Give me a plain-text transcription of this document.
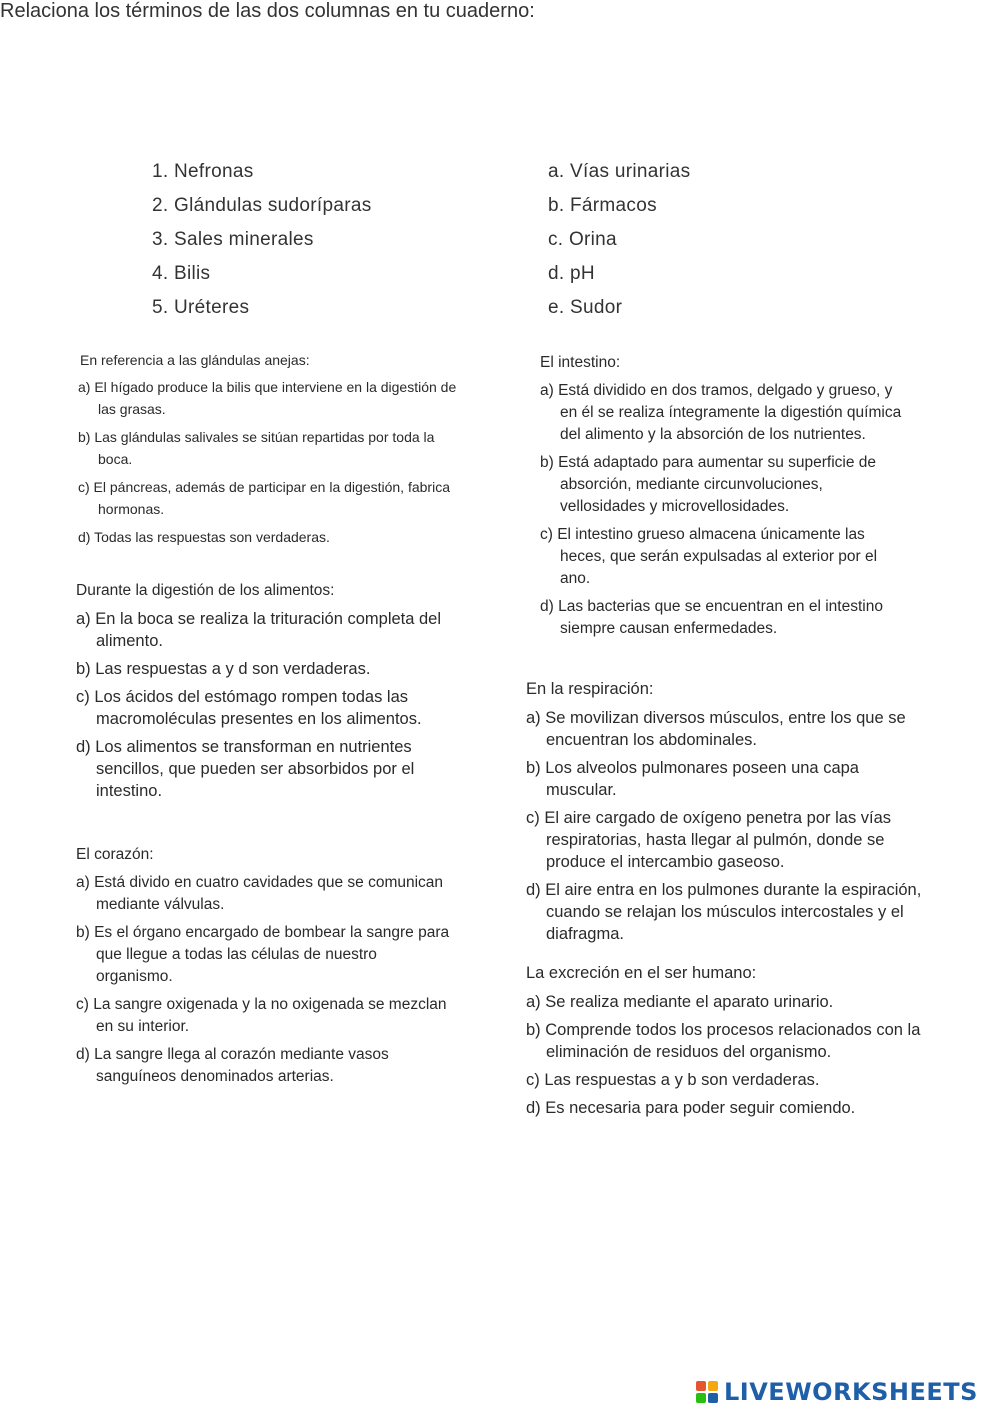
Relaciona los términos de las dos columnas en tu cuaderno:
1. Nefronas
2. Glándulas sudoríparas
3. Sales minerales
4. Bilis
5. Uréteres
a. Vías urinarias
b. Fármacos
c. Orina
d. pH
e. Sudor
En referencia a las glándulas anejas:
a) El hígado produce la bilis que interviene en la digestión de las grasas.
b) Las glándulas salivales se sitúan repartidas por toda la boca.
c) El páncreas, además de participar en la digestión, fabrica hormonas.
d) Todas las respuestas son verdaderas.
Durante la digestión de los alimentos:
a) En la boca se realiza la trituración completa del alimento.
b) Las respuestas a y d son verdaderas.
c) Los ácidos del estómago rompen todas las macromoléculas presentes en los alimentos.
d) Los alimentos se transforman en nutrientes sencillos, que pueden ser absorbidos por el intestino.
El corazón:
a) Está divido en cuatro cavidades que se comunican mediante válvulas.
b) Es el órgano encargado de bombear la sangre para que llegue a todas las células de nuestro organismo.
c) La sangre oxigenada y la no oxigenada se mezclan en su interior.
d) La sangre llega al corazón mediante vasos sanguíneos denominados arterias.
El intestino:
a) Está dividido en dos tramos, delgado y grueso, y en él se realiza íntegramente la digestión química del alimento y la absorción de los nutrientes.
b) Está adaptado para aumentar su superficie de absorción, mediante circunvoluciones, vellosidades y microvellosidades.
c) El intestino grueso almacena únicamente las heces, que serán expulsadas al exterior por el ano.
d) Las bacterias que se encuentran en el intestino siempre causan enfermedades.
En la respiración:
a) Se movilizan diversos músculos, entre los que se encuentran los abdominales.
b) Los alveolos pulmonares poseen una capa muscular.
c) El aire cargado de oxígeno penetra por las vías respiratorias, hasta llegar al pulmón, donde se produce el intercambio gaseoso.
d) El aire entra en los pulmones durante la espiración, cuando se relajan los músculos intercostales y el diafragma.
La excreción en el ser humano:
a) Se realiza mediante el aparato urinario.
b) Comprende todos los procesos relacionados con la eliminación de residuos del organismo.
c) Las respuestas a y b son verdaderas.
d) Es necesaria para poder seguir comiendo.
LIVEWORKSHEETS
